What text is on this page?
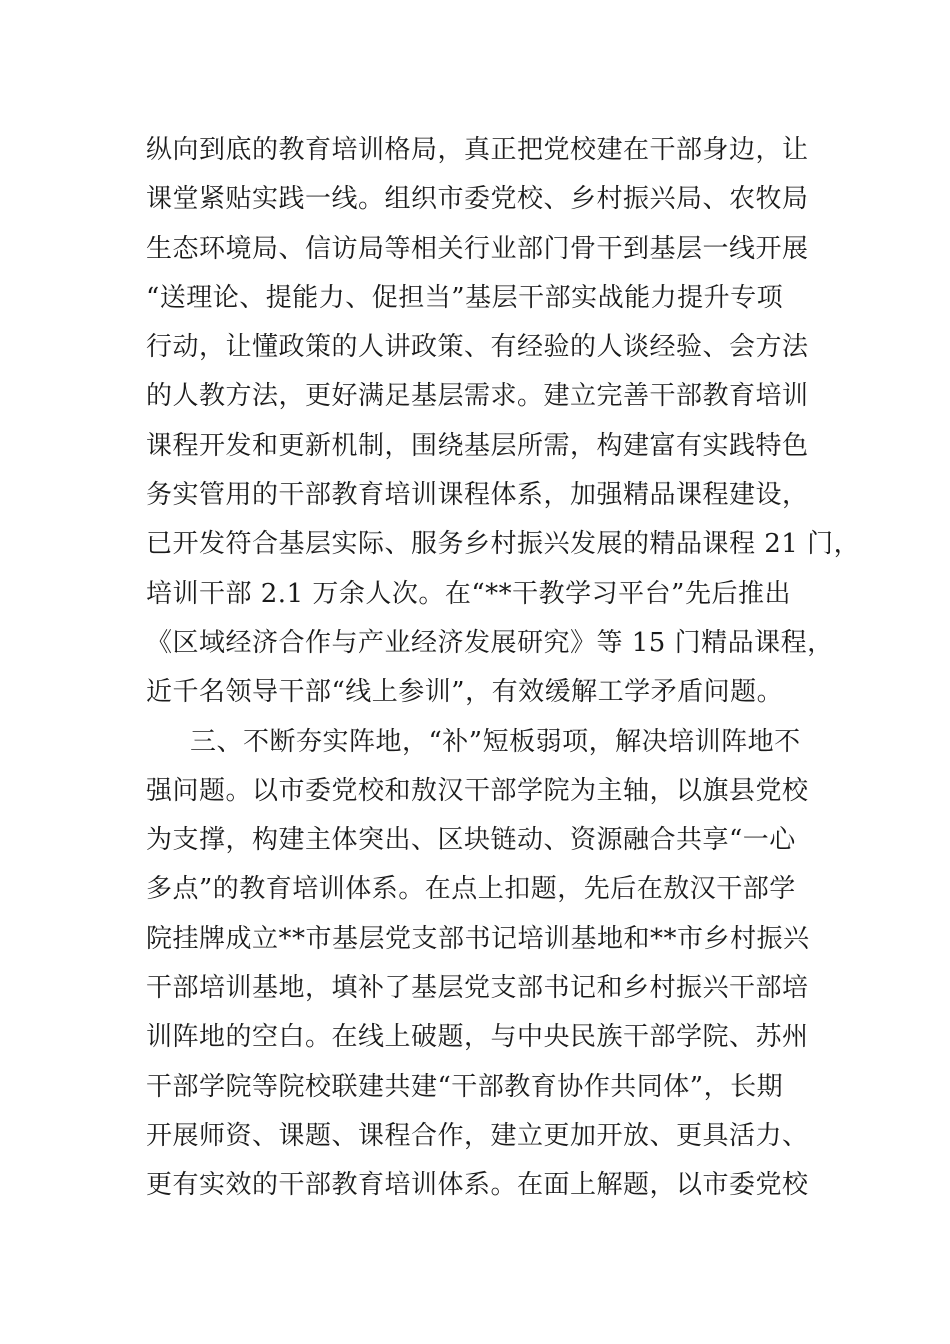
纵向到底的教育培训格局，真正把党校建在干部身边，让
课堂紧贴实践一线。组织市委党校、乡村振兴局、农牧局
生态环境局、信访局等相关行业部门骨干到基层一线开展
“送理论、提能力、促担当”基层干部实战能力提升专项
行动，让懂政策的人讲政策、有经验的人谈经验、会方法
的人教方法，更好满足基层需求。建立完善干部教育培训
课程开发和更新机制，围绕基层所需，构建富有实践特色
务实管用的干部教育培训课程体系，加强精品课程建设，
已开发符合基层实际、服务乡村振兴发展的精品课程 21 门，
培训干部 2.1 万余人次。在“**干教学习平台”先后推出
《区域经济合作与产业经济发展研究》等 15 门精品课程，
近千名领导干部“线上参训”，有效缓解工学矛盾问题。
三、不断夯实阵地，“补”短板弱项，解决培训阵地不
强问题。以市委党校和敖汉干部学院为主轴，以旗县党校
为支撑，构建主体突出、区块链动、资源融合共享“一心
多点”的教育培训体系。在点上扣题，先后在敖汉干部学
院挂牌成立**市基层党支部书记培训基地和**市乡村振兴
干部培训基地，填补了基层党支部书记和乡村振兴干部培
训阵地的空白。在线上破题，与中央民族干部学院、苏州
干部学院等院校联建共建“干部教育协作共同体”，长期
开展师资、课题、课程合作，建立更加开放、更具活力、
更有实效的干部教育培训体系。在面上解题，以市委党校
